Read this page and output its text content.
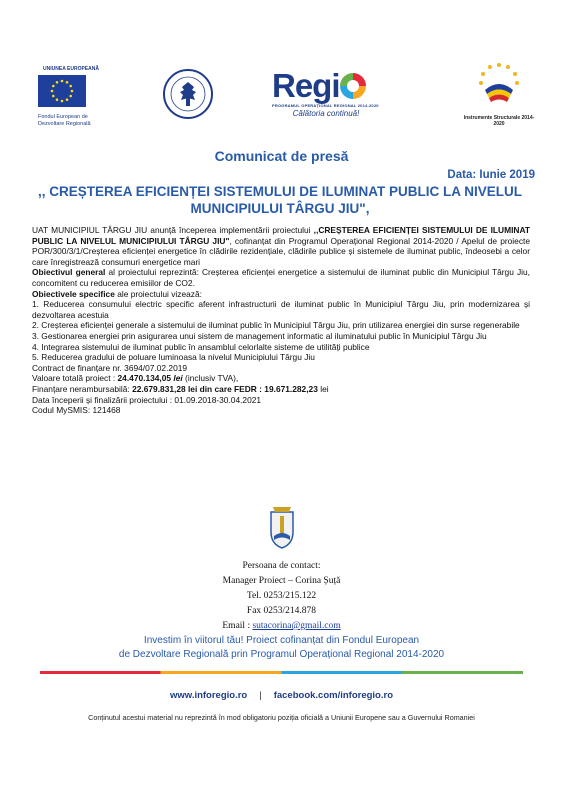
UNIUNEA EUROPEANĂ
Fondul European de Dezvoltare Regională
Regi
PROGRAMUL OPERAȚIONAL REGIONAL 2014-2020
Călătoria continuă!	Instrumente Structurale 2014-2020
Comunicat de presă
Data: Iunie 2019
,, CREȘTEREA EFICIENȚEI SISTEMULUI DE ILUMINAT PUBLIC LA NIVELUL MUNICIPIULUI TÂRGU JIU",

UAT MUNICIPIUL TÂRGU JIU anunță începerea implementării proiectului ,,CREȘTEREA EFICIENȚEI SISTEMULUI DE ILUMINAT PUBLIC LA NIVELUL MUNICIPIULUI TÂRGU JIU", cofinanțat din Programul Operațional Regional 2014-2020 / Apelul de proiecte POR/300/3/1/Creșterea eficienței energetice în clădirile rezidențiale, clădirile publice și sistemele de iluminat public, îndeosebi a celor care înregistrează consumuri energetice mari

Obiectivul general al proiectului reprezintă: Creșterea eficienței energetice a sistemului de iluminat public din Municipiul Târgu Jiu, concomitent cu reducerea emisiilor de CO2.

Obiectivele specifice ale proiectului vizează:

1. Reducerea consumului electric specific aferent infrastructurii de iluminat public în Municipiul Târgu Jiu, prin modernizarea și dezvoltarea acestuia

2. Creșterea eficienței generale a sistemului de iluminat public în Municipiul Târgu Jiu, prin utilizarea energiei din surse regenerabile

3. Gestionarea energiei prin asigurarea unui sistem de management informatic al iluminatului public în Municipiul Târgu Jiu

4. Integrarea sistemului de iluminat public în ansamblul celorlalte sisteme de utilități publice

5. Reducerea gradului de poluare luminoasa la nivelul Municipiului Târgu Jiu

Contract de finanțare nr. 3694/07.02.2019

Valoare totală proiect : 24.470.134,05 lei (inclusiv TVA),

Finanțare nerambursabilă: 22.679.831,28 lei din care FEDR : 19.671.282,23 lei

Data începerii și finalizării proiectului : 01.09.2018-30.04.2021

Codul MySMIS: 121468

Persoana de contact:
Manager Proiect – Corina Șuță
Tel. 0253/215.122
Fax 0253/214.878
Email : sutacorina@gmail.com
Investim în viitorul tău! Proiect cofinanțat din Fondul European
de Dezvoltare Regională prin Programul Operațional Regional 2014-2020
www.inforegio.ro | facebook.com/inforegio.ro
Conținutul acestui material nu reprezintă în mod obligatoriu poziția oficială a Uniunii Europene sau a Guvernului Romaniei
